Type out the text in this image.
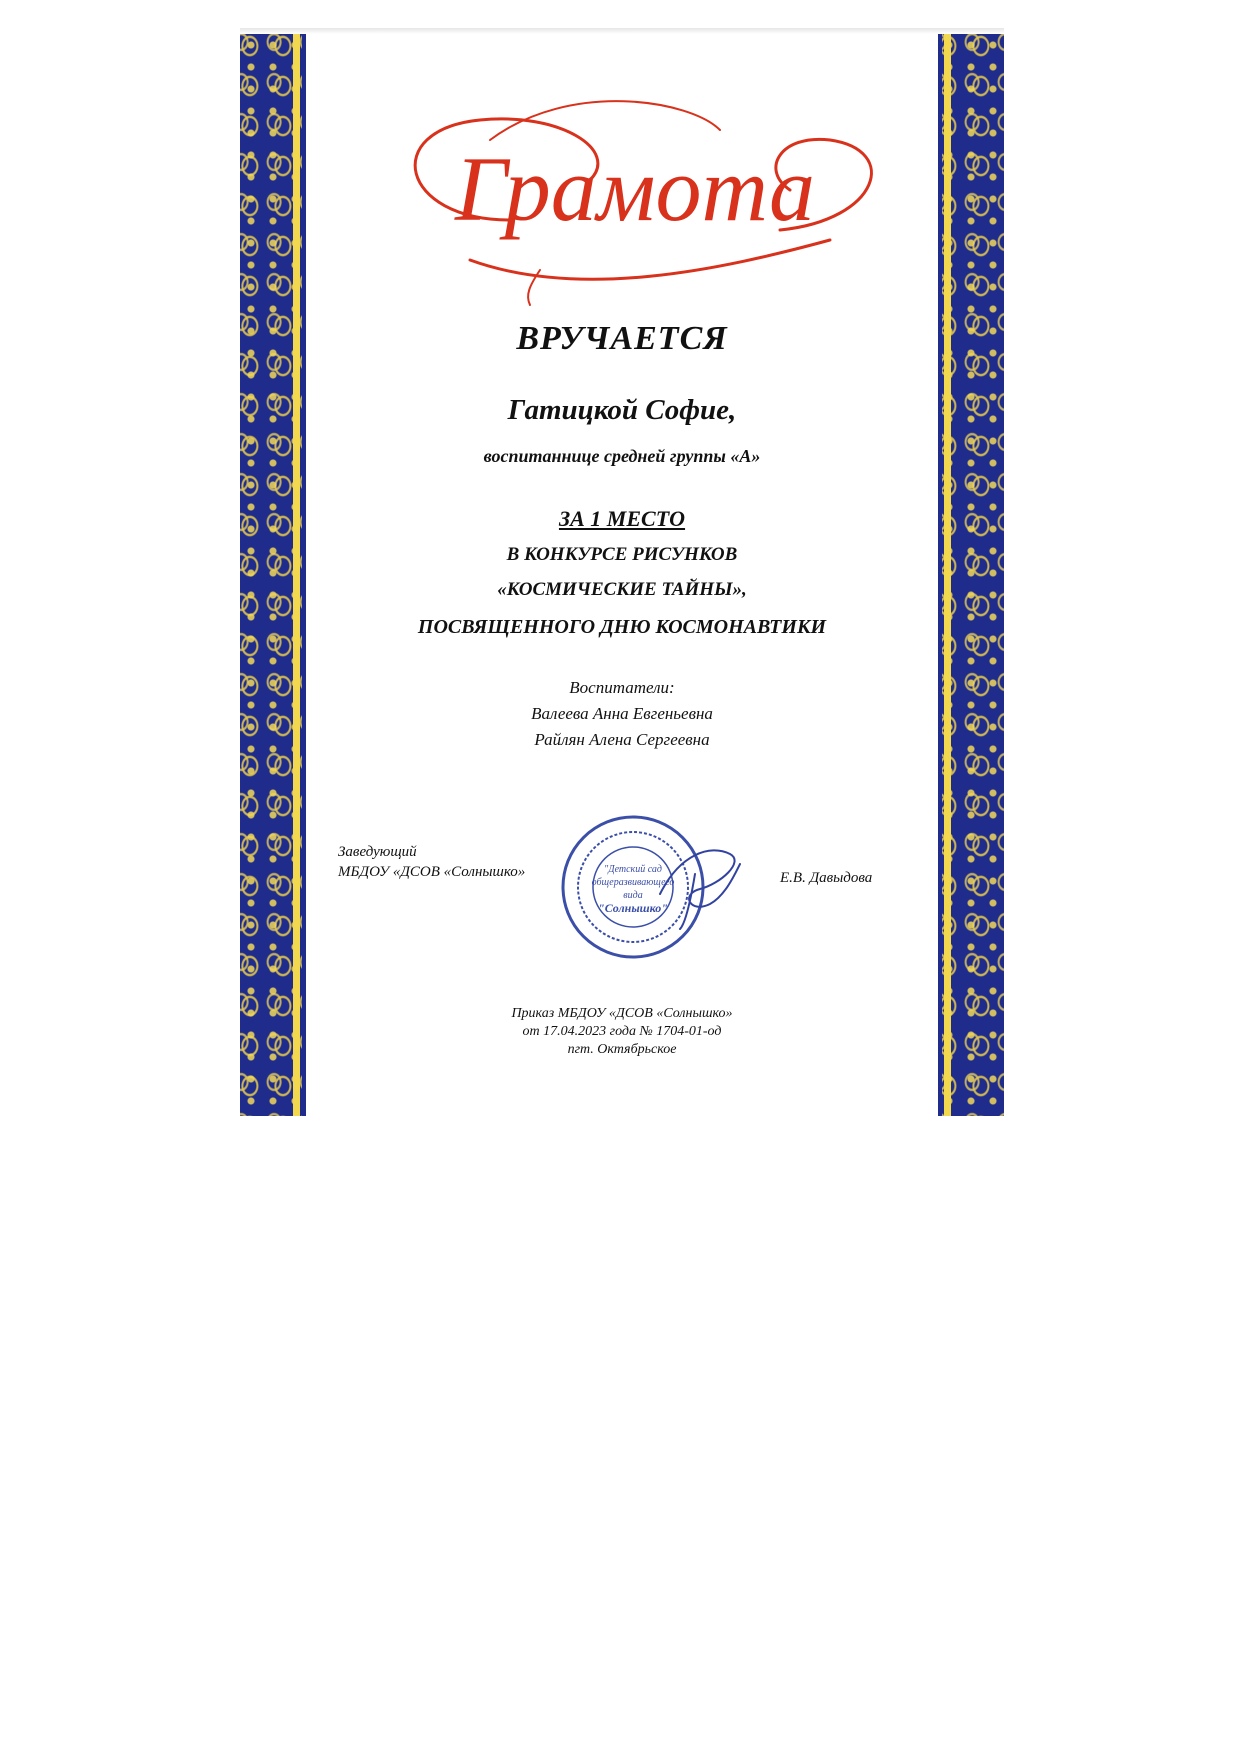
Грамота
ВРУЧАЕТСЯ
Гатицкой Софие,
воспитаннице средней группы «А»
ЗА 1 МЕСТО
В КОНКУРСЕ РИСУНКОВ
«КОСМИЧЕСКИЕ ТАЙНЫ»,
ПОСВЯЩЕННОГО ДНЮ КОСМОНАВТИКИ
Воспитатели:
Валеева Анна Евгеньевна
Райлян Алена Сергеевна
Заведующий
МБДОУ «ДСОВ «Солнышко»	"Детский сад
общеразвивающего
вида
"Солнышко"
Е.В. Давыдова
Приказ МБДОУ «ДСОВ «Солнышко»
от 17.04.2023 года № 1704-01-од
пгт. Октябрьское
